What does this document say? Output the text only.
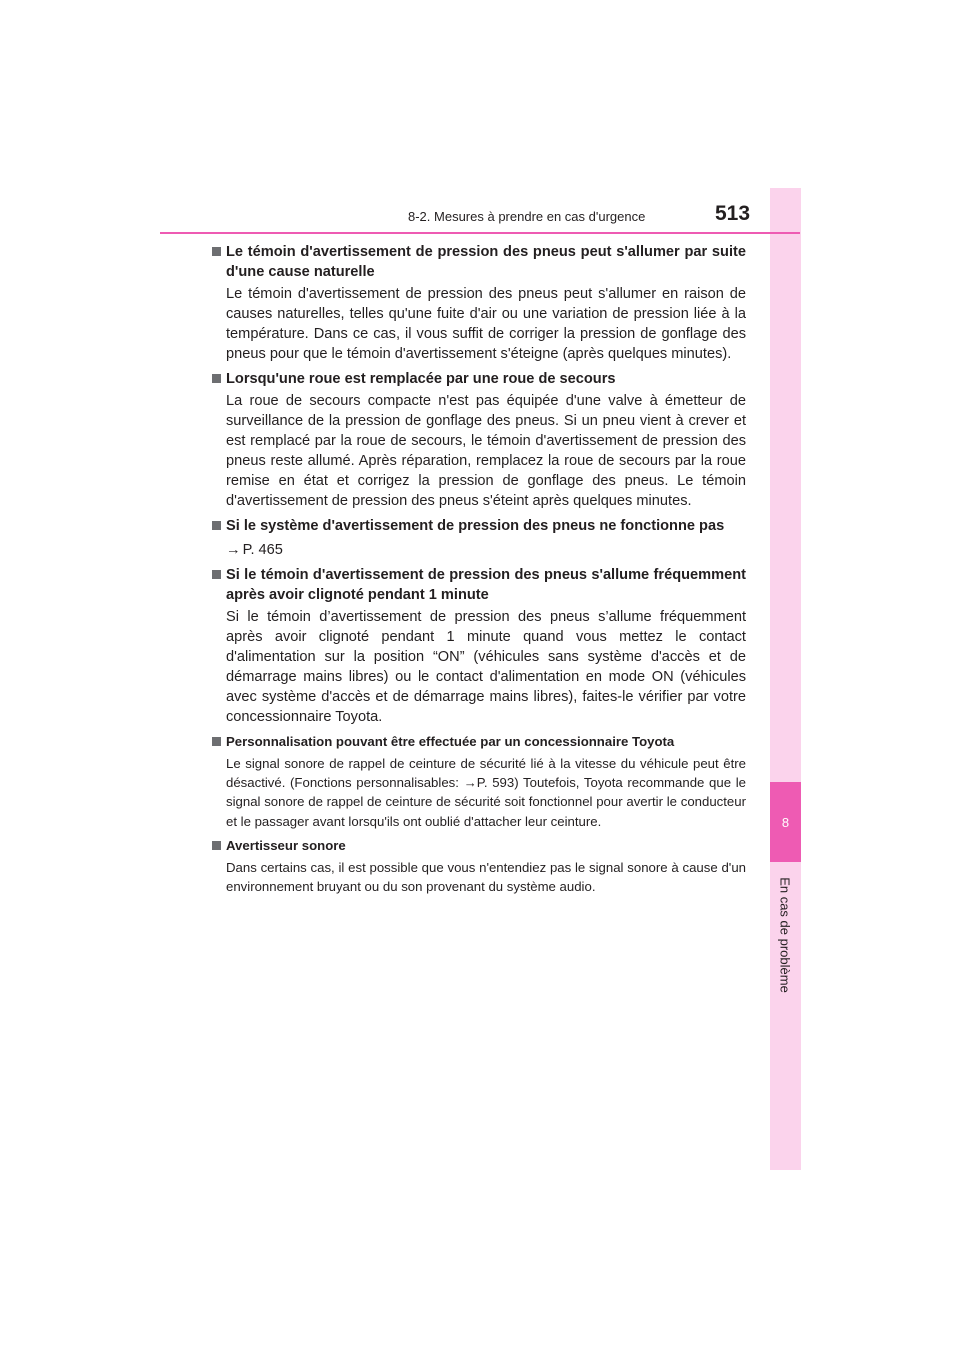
8
En cas de problème
8-2. Mesures à prendre en cas d'urgence	513
Le témoin d'avertissement de pression des pneus peut s'allumer par suite d'une cause naturelle
Le témoin d'avertissement de pression des pneus peut s'allumer en raison de causes naturelles, telles qu'une fuite d'air ou une variation de pression liée à la température. Dans ce cas, il vous suffit de corriger la pression de gonflage des pneus pour que le témoin d'avertissement s'éteigne (après quelques minutes).
Lorsqu'une roue est remplacée par une roue de secours
La roue de secours compacte n'est pas équipée d'une valve à émetteur de surveillance de la pression de gonflage des pneus. Si un pneu vient à crever et est remplacé par la roue de secours, le témoin d'avertissement de pression des pneus reste allumé. Après réparation, remplacez la roue de secours par la roue remise en état et corrigez la pression de gonflage des pneus. Le témoin d'avertissement de pression des pneus s'éteint après quelques minutes.
Si le système d'avertissement de pression des pneus ne fonctionne pas
→ P. 465
Si le témoin d'avertissement de pression des pneus s'allume fréquemment après avoir clignoté pendant 1 minute
Si le témoin d’avertissement de pression des pneus s’allume fréquemment après avoir clignoté pendant 1 minute quand vous mettez le contact d'alimentation sur la position “ON” (véhicules sans système d'accès et de démarrage mains libres) ou le contact d'alimentation en mode ON (véhicules avec système d'accès et de démarrage mains libres), faites-le vérifier par votre concessionnaire Toyota.
Personnalisation pouvant être effectuée par un concessionnaire Toyota
Le signal sonore de rappel de ceinture de sécurité lié à la vitesse du véhicule peut être désactivé. (Fonctions personnalisables: →P. 593) Toutefois, Toyota recommande que le signal sonore de rappel de ceinture de sécurité soit fonctionnel pour avertir le conducteur et le passager avant lorsqu'ils ont oublié d'attacher leur ceinture.
Avertisseur sonore
Dans certains cas, il est possible que vous n'entendiez pas le signal sonore à cause d'un environnement bruyant ou du son provenant du système audio.
